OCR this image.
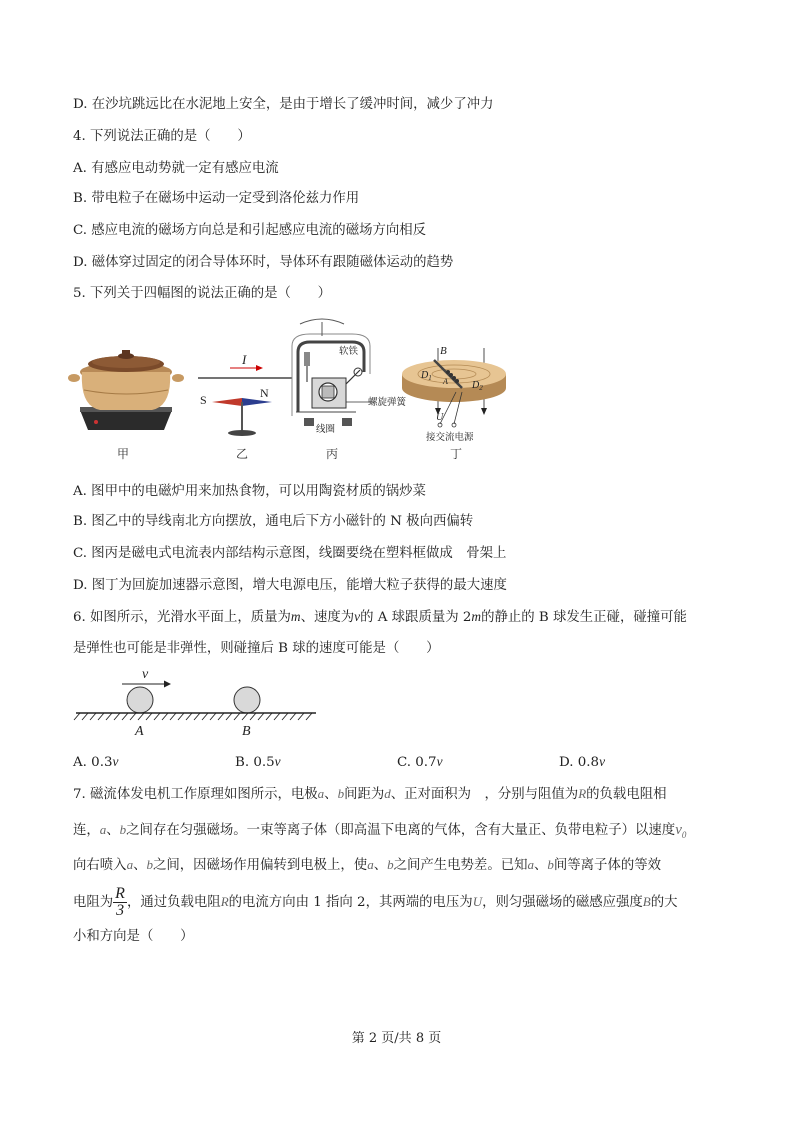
D. 在沙坑跳远比在水泥地上安全，是由于增长了缓冲时间，减少了冲力
4. 下列说法正确的是（　　）
A. 有感应电动势就一定有感应电流
B. 带电粒子在磁场中运动一定受到洛伦兹力作用
C. 感应电流的磁场方向总是和引起感应电流的磁场方向相反
D. 磁体穿过固定的闭合导体环时，导体环有跟随磁体运动的趋势
5. 下列关于四幅图的说法正确的是（　　）
甲
I
S	N
乙
软铁
螺旋弹簧
线圈
丙
B
$D_1$
$D_2$
A
U
接交流电源
丁
A. 图甲中的电磁炉用来加热食物，可以用陶瓷材质的锅炒菜
B. 图乙中的导线南北方向摆放，通电后下方小磁针的 N 极向西偏转
C. 图丙是磁电式电流表内部结构示意图，线圈要绕在塑料框做成　骨架上
D. 图丁为回旋加速器示意图，增大电源电压，能增大粒子获得的最大速度
6. 如图所示，光滑水平面上，质量为m、速度为v的 A 球跟质量为 2m的静止的 B 球发生正碰，碰撞可能
是弹性也可能是非弹性，则碰撞后 B 球的速度可能是（　　）
v
A	B
A. 0.3v	B. 0.5v	C. 0.7v	D. 0.8v
7. 磁流体发电机工作原理如图所示，电极a、b间距为d、正对面积为　，分别与阻值为R的负载电阻相
连，a、b之间存在匀强磁场。一束等离子体（即高温下电离的气体，含有大量正、负带电粒子）以速度$v_0$
向右喷入a、b之间，因磁场作用偏转到电极上，使a、b之间产生电势差。已知a、b间等离子体的等效
电阻为 $\frac{R}{3}$ ，通过负载电阻R的电流方向由 1 指向 2，其两端的电压为U，则匀强磁场的磁感应强度B的大
小和方向是（　　）
第 2 页/共 8 页
